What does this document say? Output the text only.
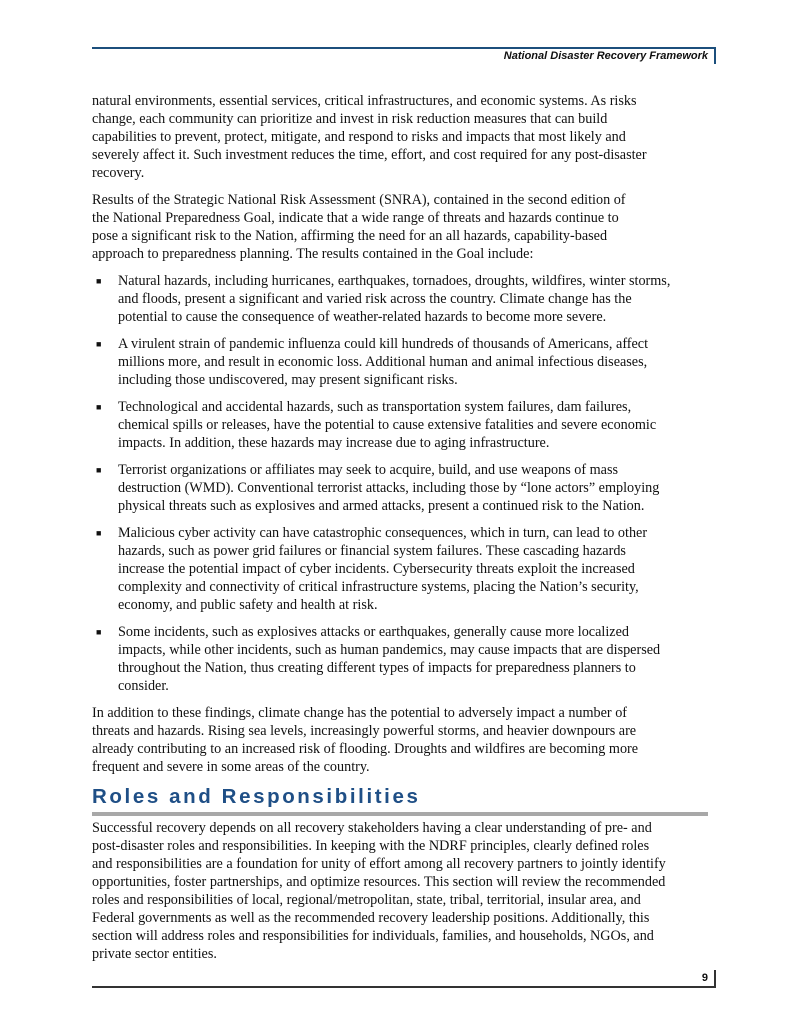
National Disaster Recovery Framework
natural environments, essential services, critical infrastructures, and economic systems. As risks
change, each community can prioritize and invest in risk reduction measures that can build
capabilities to prevent, protect, mitigate, and respond to risks and impacts that most likely and
severely affect it. Such investment reduces the time, effort, and cost required for any post-disaster
recovery.
Results of the Strategic National Risk Assessment (SNRA), contained in the second edition of
the National Preparedness Goal, indicate that a wide range of threats and hazards continue to
pose a significant risk to the Nation, affirming the need for an all hazards, capability-based
approach to preparedness planning. The results contained in the Goal include:
■ Natural hazards, including hurricanes, earthquakes, tornadoes, droughts, wildfires, winter storms,
and floods, present a significant and varied risk across the country. Climate change has the
potential to cause the consequence of weather-related hazards to become more severe.
■ A virulent strain of pandemic influenza could kill hundreds of thousands of Americans, affect
millions more, and result in economic loss. Additional human and animal infectious diseases,
including those undiscovered, may present significant risks.
■ Technological and accidental hazards, such as transportation system failures, dam failures,
chemical spills or releases, have the potential to cause extensive fatalities and severe economic
impacts. In addition, these hazards may increase due to aging infrastructure.
■ Terrorist organizations or affiliates may seek to acquire, build, and use weapons of mass
destruction (WMD). Conventional terrorist attacks, including those by “lone actors” employing
physical threats such as explosives and armed attacks, present a continued risk to the Nation.
■ Malicious cyber activity can have catastrophic consequences, which in turn, can lead to other
hazards, such as power grid failures or financial system failures. These cascading hazards
increase the potential impact of cyber incidents. Cybersecurity threats exploit the increased
complexity and connectivity of critical infrastructure systems, placing the Nation’s security,
economy, and public safety and health at risk.
■ Some incidents, such as explosives attacks or earthquakes, generally cause more localized
impacts, while other incidents, such as human pandemics, may cause impacts that are dispersed
throughout the Nation, thus creating different types of impacts for preparedness planners to
consider.
In addition to these findings, climate change has the potential to adversely impact a number of
threats and hazards. Rising sea levels, increasingly powerful storms, and heavier downpours are
already contributing to an increased risk of flooding. Droughts and wildfires are becoming more
frequent and severe in some areas of the country.
Roles and Responsibilities
Successful recovery depends on all recovery stakeholders having a clear understanding of pre- and
post-disaster roles and responsibilities. In keeping with the NDRF principles, clearly defined roles
and responsibilities are a foundation for unity of effort among all recovery partners to jointly identify
opportunities, foster partnerships, and optimize resources. This section will review the recommended
roles and responsibilities of local, regional/metropolitan, state, tribal, territorial, insular area, and
Federal governments as well as the recommended recovery leadership positions. Additionally, this
section will address roles and responsibilities for individuals, families, and households, NGOs, and
private sector entities.
9
